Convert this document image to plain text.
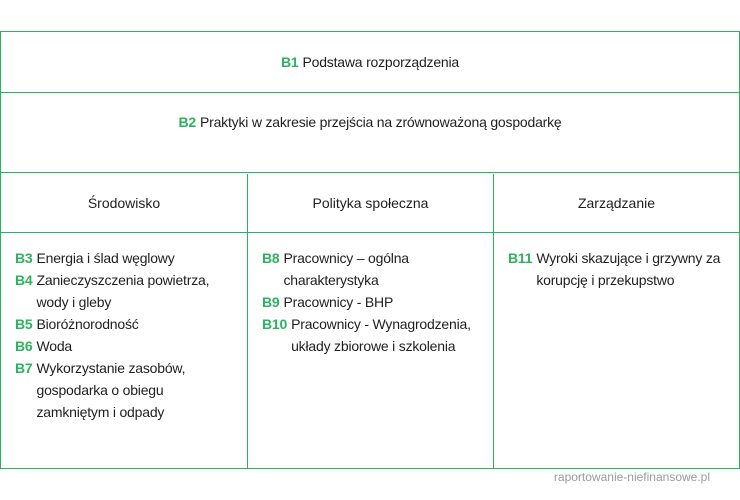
B1 Podstawa rozporządzenia
B2 Praktyki w zakresie przejścia na zrównoważoną gospodarkę
Środowisko	Polityka społeczna	Zarządzanie
B3 Energia i ślad węglowy
B4 Zanieczyszczenia powietrza, wody i gleby
B5 Bioróżnorodność
B6 Woda
B7 Wykorzystanie zasobów, gospodarka o obiegu zamkniętym i odpady
B8 Pracownicy – ogólna charakterystyka
B9 Pracownicy - BHP
B10 Pracownicy - Wynagrodzenia, układy zbiorowe i szkolenia
B11 Wyroki skazujące i grzywny za korupcję i przekupstwo
raportowanie-niefinansowe.pl
